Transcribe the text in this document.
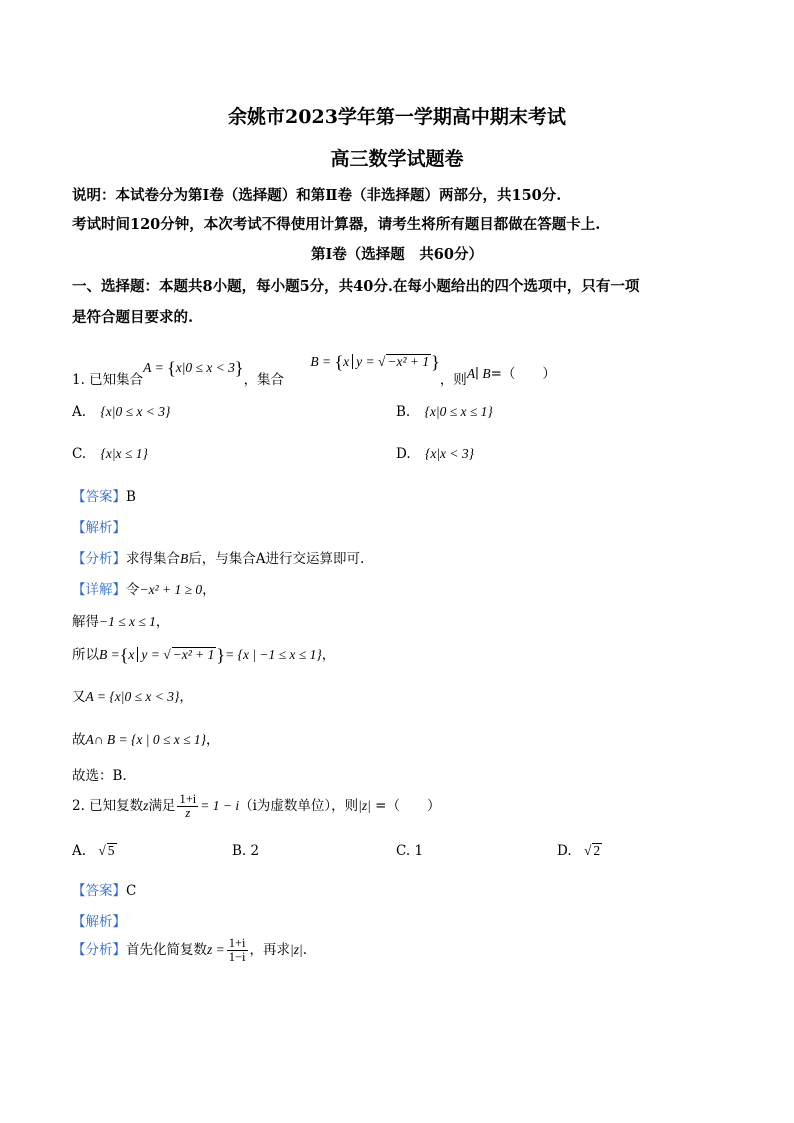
余姚市2023学年第一学期高中期末考试
高三数学试题卷
说明：本试卷分为第Ⅰ卷（选择题）和第Ⅱ卷（非选择题）两部分，共150分.
考试时间120分钟，本次考试不得使用计算器，请考生将所有题目都做在答题卡上.
第Ⅰ卷（选择题　共60分）
一、选择题：本题共8小题，每小题5分，共40分.在每小题给出的四个选项中，只有一项
是符合题目要求的.
1. 已知集合A = {x|0 ≤ x < 3}，集合 B = {x y = √ −x² + 1 }，则A∣ B=（　　）
A. {x|0 ≤ x < 3}	B. {x|0 ≤ x ≤ 1}
C. {x|x ≤ 1}	D. {x|x < 3}
【答案】B
【解析】
【分析】求得集合B后，与集合A进行交运算即可.
【详解】令−x² + 1 ≥ 0，
解得−1 ≤ x ≤ 1，
所以B ={x y = √ −x² + 1 }= {x | −1 ≤ x ≤ 1}，
又A = {x|0 ≤ x < 3}，
故A∩ B = {x | 0 ≤ x ≤ 1}，
故选：B.
2. 已知复数z满足 $\frac{1+i}{z} = 1 - i(i$为虚数单位），则|z| =（　　）
A. √ 5	B. 2	C. 1	D. √ 2
【答案】C
【解析】
【分析】首先化简复数$z = \frac{1+i}{1-i}$ ，再求|z|.
